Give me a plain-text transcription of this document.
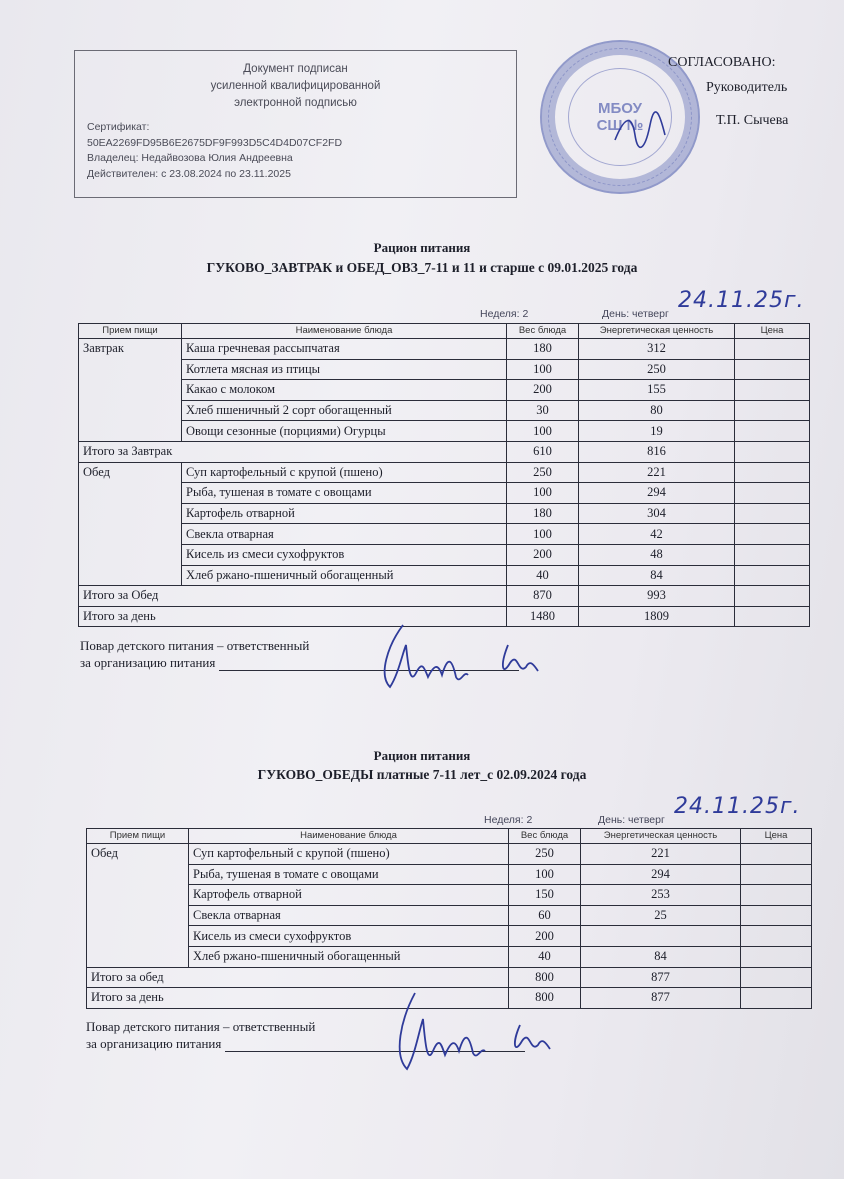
Документ подписан
усиленной квалифицированной
электронной подписью
Сертификат:
50EA2269FD95B6E2675DF9F993D5C4D4D07CF2FD
Владелец: Недайвозова Юлия Андреевна
Действителен: с 23.08.2024 по 23.11.2025
МБОУ
СШ №
СОГЛАСОВАНО:
Руководитель
Т.П. Сычева
Рацион питания
ГУКОВО_ЗАВТРАК и ОБЕД_ОВЗ_7-11 и 11 и старше с 09.01.2025 года
Неделя: 2	День: четверг
24.11.25г.
Прием пищи	Наименование блюда	Вес блюда	Энергетическая ценность	Цена
Завтрак	Каша гречневая рассыпчатая	180	312	
	Котлета мясная из птицы	100	250	
	Какао с молоком	200	155	
	Хлеб пшеничный 2 сорт обогащенный	30	80	
	Овощи сезонные (порциями) Огурцы	100	19	
Итого за Завтрак		610	816	
Обед	Суп картофельный с крупой (пшено)	250	221	
	Рыба, тушеная в томате с овощами	100	294	
	Картофель отварной	180	304	
	Свекла отварная	100	42	
	Кисель из смеси сухофруктов	200	48	
	Хлеб ржано-пшеничный обогащенный	40	84	
Итого за Обед		870	993	
Итого за день		1480	1809	
Повар детского питания – ответственный
за организацию питания
Рацион питания
ГУКОВО_ОБЕДЫ платные 7-11 лет_с 02.09.2024 года
Неделя: 2	День: четверг
24.11.25г.
Прием пищи	Наименование блюда	Вес блюда	Энергетическая ценность	Цена
Обед	Суп картофельный с крупой (пшено)	250	221	
	Рыба, тушеная в томате с овощами	100	294	
	Картофель отварной	150	253	
	Свекла отварная	60	25	
	Кисель из смеси сухофруктов	200		
	Хлеб ржано-пшеничный обогащенный	40	84	
Итого за обед		800	877	
Итого за день		800	877	
Повар детского питания – ответственный
за организацию питания
